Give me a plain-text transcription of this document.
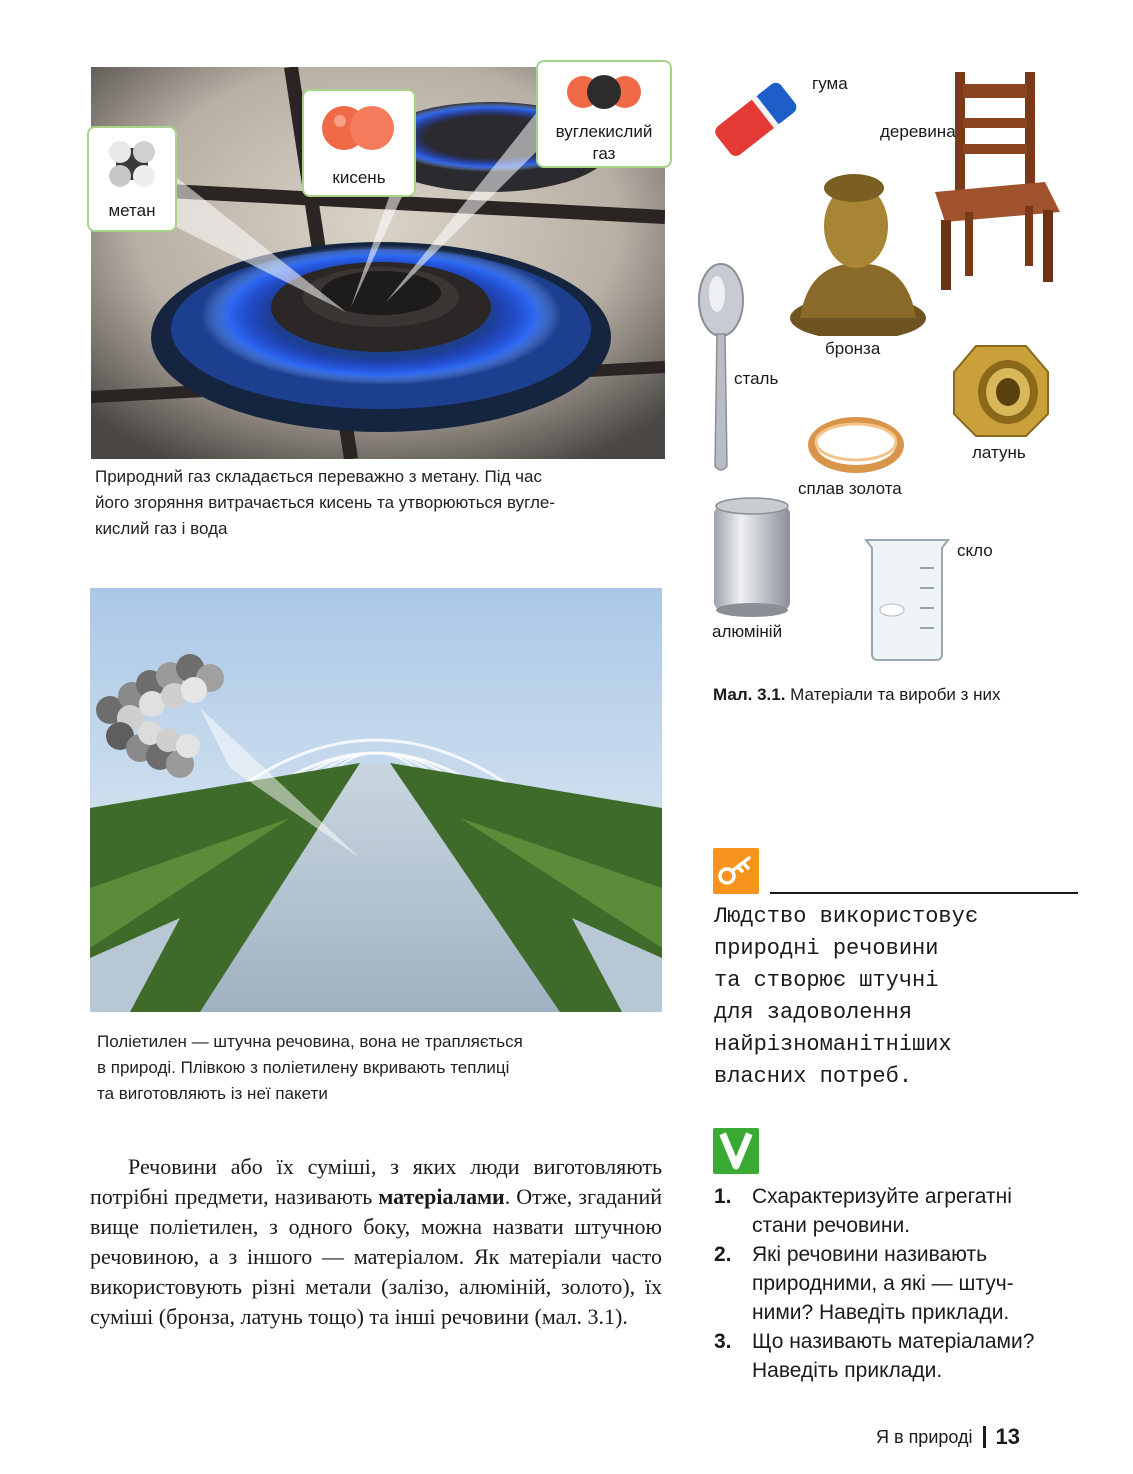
метан
кисень
вуглекислий
газ
Природний газ складається переважно з метану. Під час
його згоряння витрачається кисень та утворюються вугле-
кислий газ і вода
Поліетилен — штучна речовина, вона не трапляється
в природі. Плівкою з поліетилену вкривають теплиці
та виготовляють із неї пакети
гума
деревина
бронза
сталь
латунь
сплав золота
алюміній
скло
Мал. 3.1. Матеріали та вироби з них
Речовини або їх суміші, з яких люди виготовляють потрібні предмети, називають матеріалами. Отже, згаданий вище поліетилен, з одного боку, можна назвати штучною речовиною, а з іншого — матеріалом. Як матеріали часто використовують різні метали (залізо, алюміній, золото), їх суміші (бронза, латунь тощо) та інші речовини (мал. 3.1).
Людство використовує
природні речовини
та створює штучні
для задоволення
найрізноманітніших
власних потреб.
1. Схарактеризуйте агрегатні
стани речовини.
2. Які речовини називають
природними, а які — штуч-
ними? Наведіть приклади.
3. Що називають матеріалами?
Наведіть приклади.
Я в природі 13
